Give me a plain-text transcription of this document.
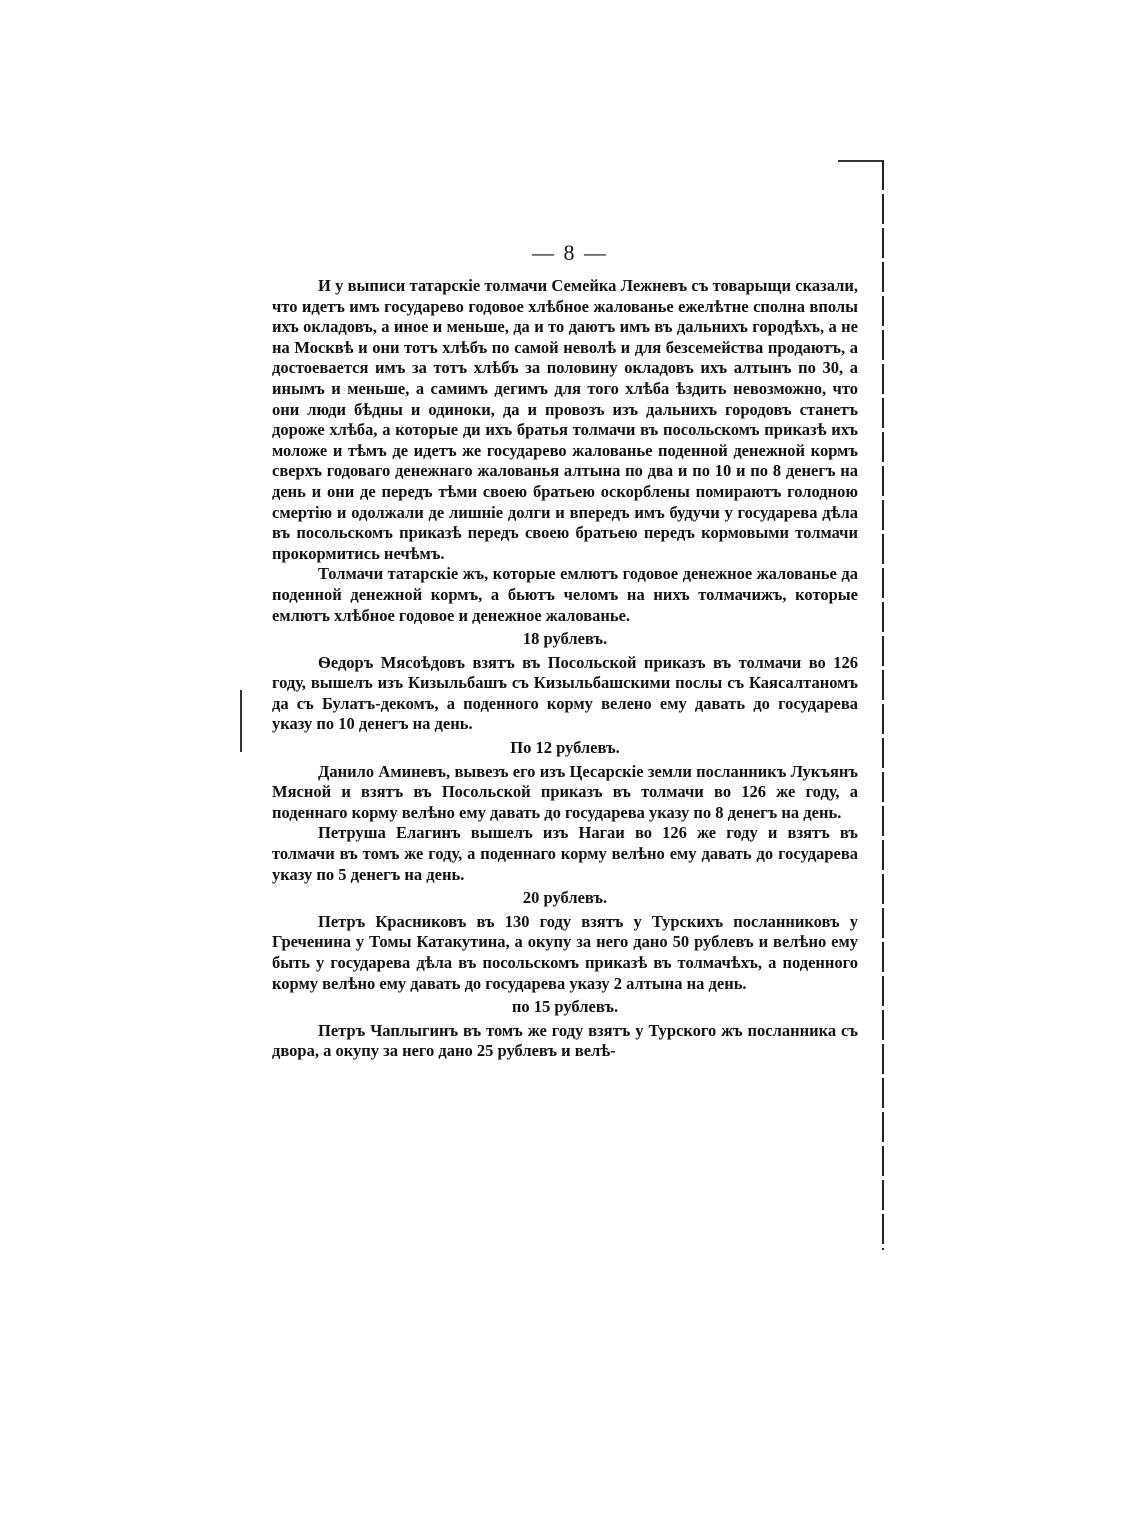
— 8 —

И у выписи татарскіе толмачи Семейка Лежневъ съ товарыщи сказали, что идетъ имъ государево годовое хлѣбное жалованье ежелѣтне сполна вполы ихъ окладовъ, а иное и меньше, да и то даютъ имъ въ дальнихъ городѣхъ, а не на Москвѣ и они тотъ хлѣбъ по самой неволѣ и для безсемейства продаютъ, а достоевается имъ за тотъ хлѣбъ за половину окладовъ ихъ алтынъ по 30, а инымъ и меньше, а самимъ дегимъ для того хлѣба ѣздить невозможно, что они люди бѣдны и одиноки, да и провозъ изъ дальнихъ городовъ станетъ дороже хлѣба, а которые ди ихъ братья толмачи въ посольскомъ приказѣ ихъ моложе и тѣмъ де идетъ же государево жалованье поденной денежной кормъ сверхъ годоваго денежнаго жалованья алтына по два и по 10 и по 8 денегъ на день и они де передъ тѣми своею братьею оскорблены помираютъ голодною смертію и одолжали де лишніе долги и впередъ имъ будучи у государева дѣла въ посольскомъ приказѣ передъ своею братьею передъ кормовыми толмачи прокормитись нечѣмъ.

Толмачи татарскіе жъ, которые емлютъ годовое денежное жалованье да поденной денежной кормъ, а бьютъ челомъ на нихъ толмачижъ, которые емлютъ хлѣбное годовое и денежное жалованье.

18 рублевъ.

Ѳедоръ Мясоѣдовъ взятъ въ Посольской приказъ въ толмачи во 126 году, вышелъ изъ Кизыльбашъ съ Кизыльбашскими послы съ Каясалтаномъ да съ Булатъ-декомъ, а поденного корму велено ему давать до государева указу по 10 денегъ на день.

По 12 рублевъ.

Данило Аминевъ, вывезъ его изъ Цесарскіе земли посланникъ Лукъянъ Мясной и взятъ въ Посольской приказъ въ толмачи во 126 же году, а поденнаго корму велѣно ему давать до государева указу по 8 денегъ на день.

Петруша Елагинъ вышелъ изъ Нагаи во 126 же году и взятъ въ толмачи въ томъ же году, а поденнаго корму велѣно ему давать до государева указу по 5 денегъ на день.

20 рублевъ.

Петръ Красниковъ въ 130 году взятъ у Турскихъ посланниковъ у Греченина у Томы Катакутина, а окупу за него дано 50 рублевъ и велѣно ему быть у государева дѣла въ посольскомъ приказѣ въ толмачѣхъ, а поденного корму велѣно ему давать до государева указу 2 алтына на день.

по 15 рублевъ.

Петръ Чаплыгинъ въ томъ же году взятъ у Турского жъ посланника съ двора, а окупу за него дано 25 рублевъ и велѣ-
